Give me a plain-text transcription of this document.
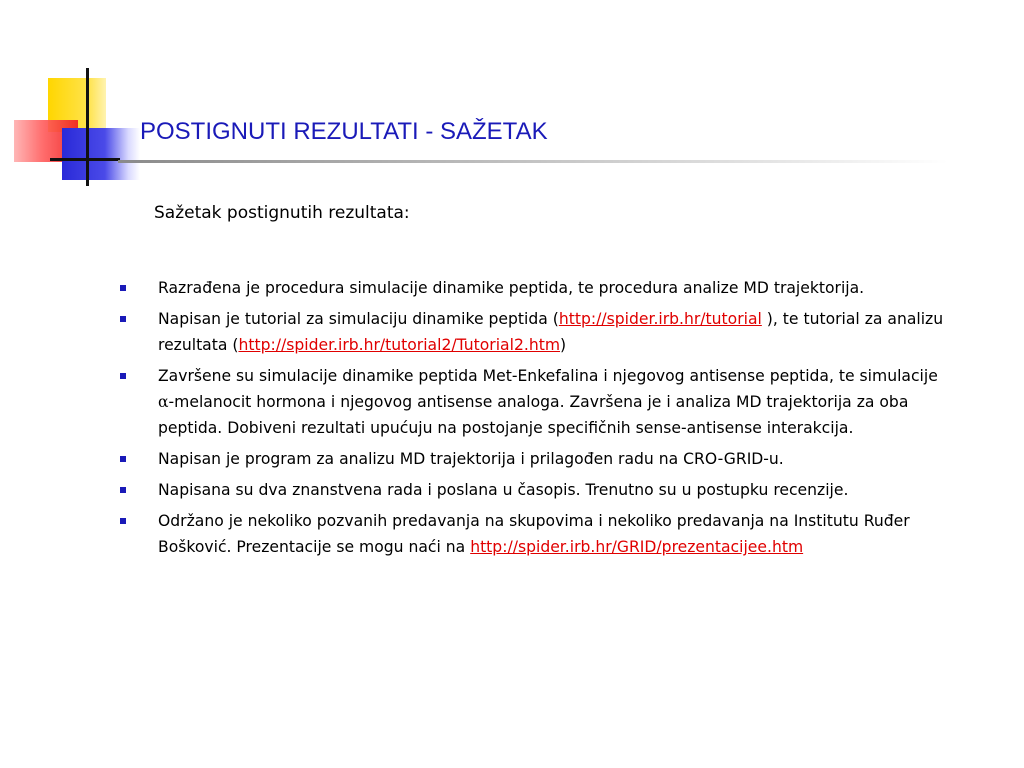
POSTIGNUTI REZULTATI - SAŽETAK
Sažetak postignutih rezultata:
Razrađena je procedura simulacije dinamike peptida, te procedura analize MD trajektorija.
Napisan je tutorial za simulaciju dinamike peptida (http://spider.irb.hr/tutorial ), te tutorial za analizu rezultata (http://spider.irb.hr/tutorial2/Tutorial2.htm)
Završene su simulacije dinamike peptida Met-Enkefalina i njegovog antisense peptida, te simulacije α-melanocit hormona i njegovog antisense analoga. Završena je i analiza MD trajektorija za oba peptida. Dobiveni rezultati upućuju na postojanje specifičnih sense-antisense interakcija.
Napisan je program za analizu MD trajektorija i prilagođen radu na CRO-GRID-u.
Napisana su dva znanstvena rada i poslana u časopis. Trenutno su u postupku recenzije.
Održano je nekoliko pozvanih predavanja na skupovima i nekoliko predavanja na Institutu Ruđer Bošković. Prezentacije se mogu naći na http://spider.irb.hr/GRID/prezentacijee.htm
